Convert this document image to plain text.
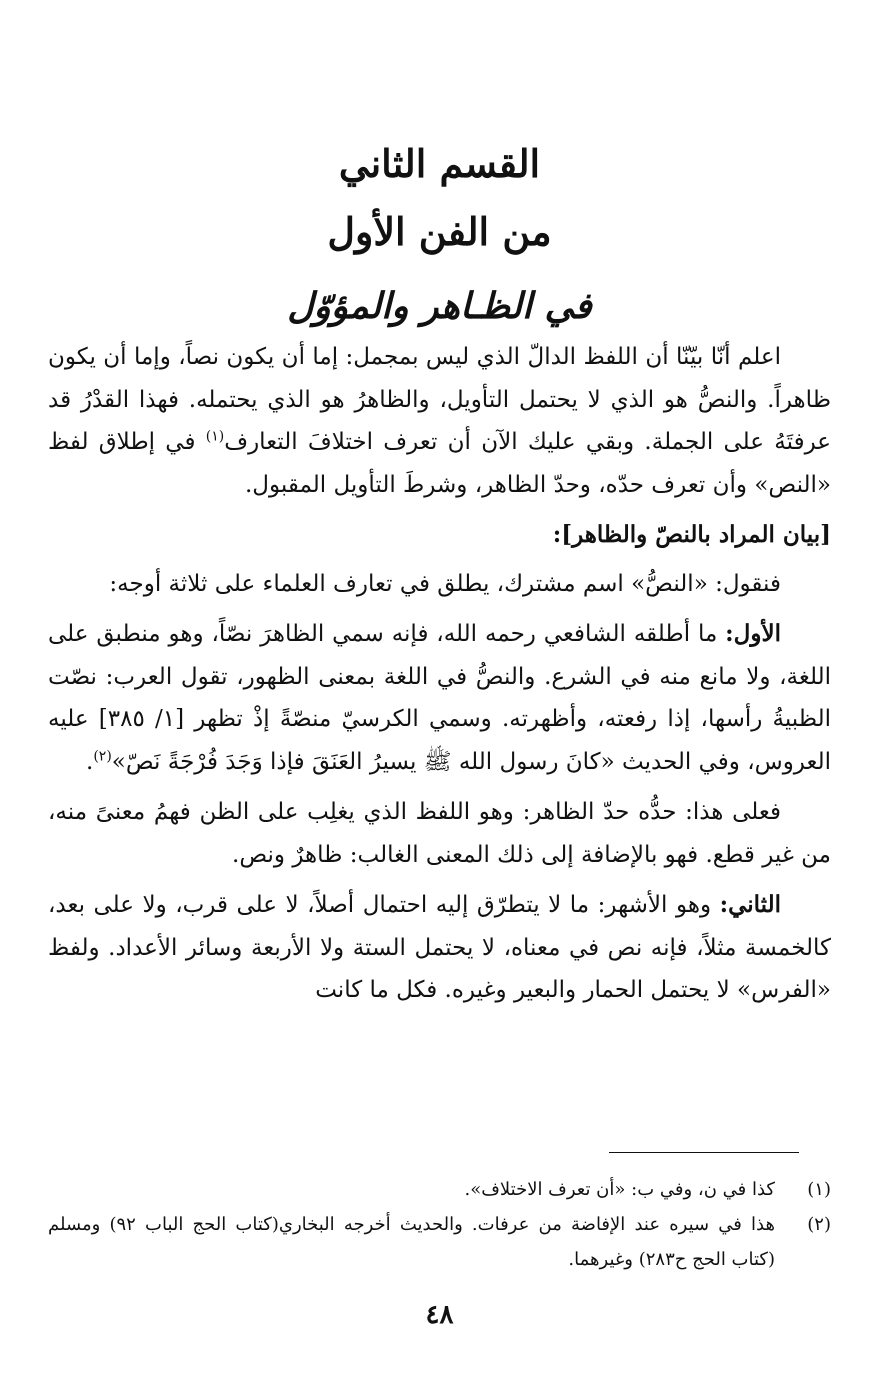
القسم الثاني

من الفن الأول

في الظـاهر والمؤوّل

اعلم أنّا بيّنّا أن اللفظ الدالّ الذي ليس بمجمل: إما أن يكون نصاً، وإما أن يكون ظاهراً. والنصُّ هو الذي لا يحتمل التأويل، والظاهرُ هو الذي يحتمله. فهذا القدْرُ قد عرفتَهُ على الجملة. وبقي عليك الآن أن تعرف اختلافَ التعارف$^{(١)}$ في إطلاق لفظ «النص» وأن تعرف حدّه، وحدّ الظاهر، وشرطَ التأويل المقبول.

[بيان المراد بالنصّ والظاهر]:

فنقول: «النصُّ» اسم مشترك، يطلق في تعارف العلماء على ثلاثة أوجه:

الأول: ما أطلقه الشافعي رحمه الله، فإنه سمي الظاهرَ نصّاً، وهو منطبق على اللغة، ولا مانع منه في الشرع. والنصُّ في اللغة بمعنى الظهور، تقول العرب: نصّت الظبيةُ رأسها، إذا رفعته، وأظهرته. وسمي الكرسيّ منصّةً إذْ تظهر [١/ ٣٨٥] عليه العروس، وفي الحديث «كانَ رسول الله ﷺ يسيرُ العَنَقَ فإذا وَجَدَ فُرْجَةً نَصّ»$^{(٢)}$.

فعلى هذا: حدُّه حدّ الظاهر: وهو اللفظ الذي يغلِب على الظن فهمُ معنىً منه، من غير قطع. فهو بالإضافة إلى ذلك المعنى الغالب: ظاهرٌ ونص.

الثاني: وهو الأشهر: ما لا يتطرّق إليه احتمال أصلاً، لا على قرب، ولا على بعد، كالخمسة مثلاً، فإنه نص في معناه، لا يحتمل الستة ولا الأربعة وسائر الأعداد. ولفظ «الفرس» لا يحتمل الحمار والبعير وغيره. فكل ما كانت

(١)
كذا في ن، وفي ب: «أن تعرف الاختلاف».
(٢)
هذا في سيره عند الإفاضة من عرفات. والحديث أخرجه البخاري(كتاب الحج الباب ٩٢) ومسلم (كتاب الحج ح٢٨٣) وغيرهما.
٤٨
